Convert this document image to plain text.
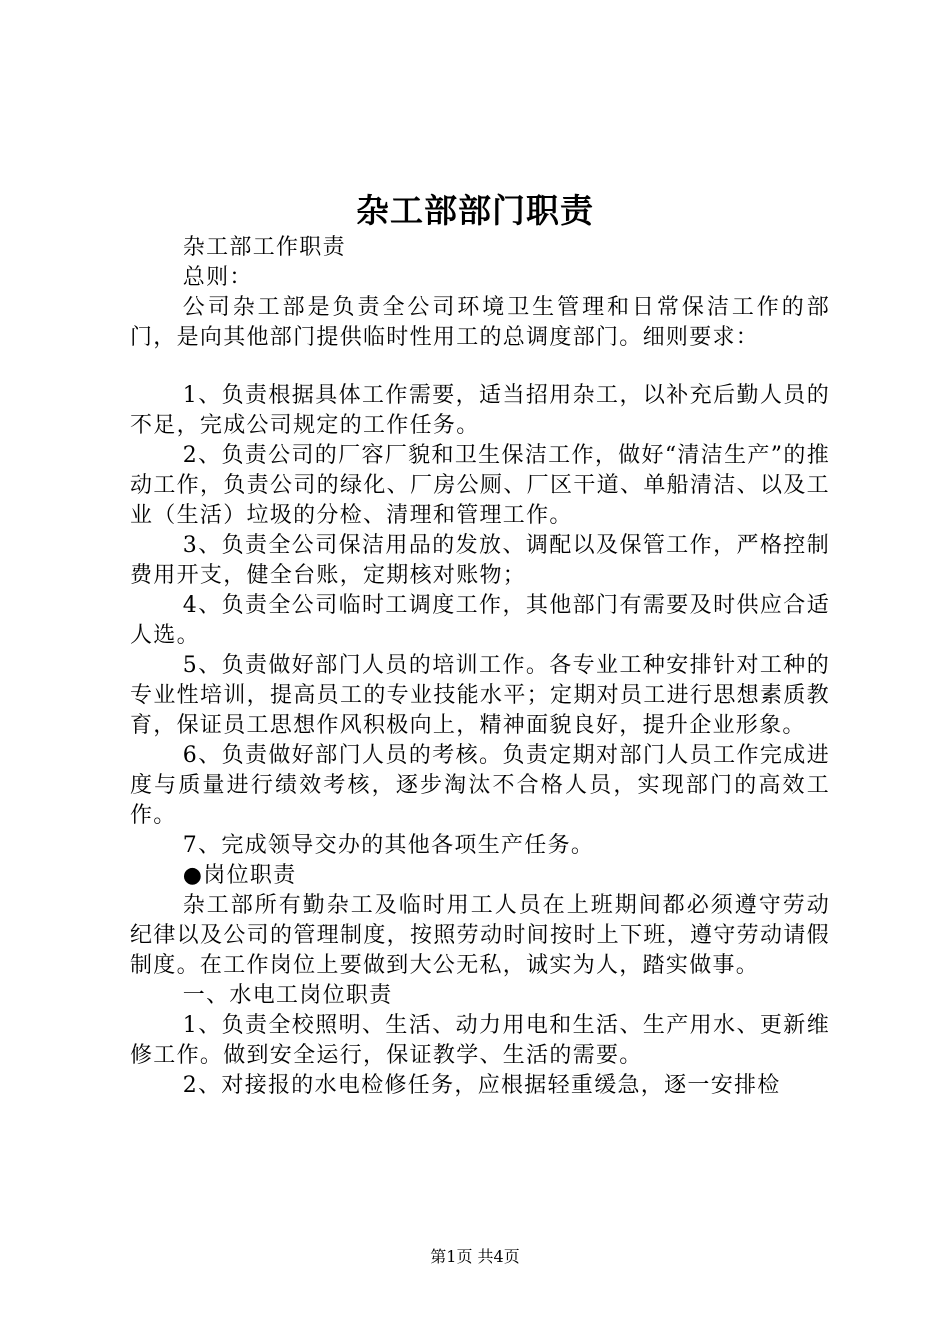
杂工部部门职责

杂工部工作职责

总则：

公司杂工部是负责全公司环境卫生管理和日常保洁工作的部门，是向其他部门提供临时性用工的总调度部门。细则要求：

1、负责根据具体工作需要，适当招用杂工，以补充后勤人员的不足，完成公司规定的工作任务。

2、负责公司的厂容厂貌和卫生保洁工作，做好“清洁生产”的推动工作，负责公司的绿化、厂房公厕、厂区干道、单船清洁、以及工业（生活）垃圾的分检、清理和管理工作。

3、负责全公司保洁用品的发放、调配以及保管工作，严格控制费用开支，健全台账，定期核对账物；

4、负责全公司临时工调度工作，其他部门有需要及时供应合适人选。

5、负责做好部门人员的培训工作。各专业工种安排针对工种的专业性培训，提高员工的专业技能水平；定期对员工进行思想素质教育，保证员工思想作风积极向上，精神面貌良好，提升企业形象。

6、负责做好部门人员的考核。负责定期对部门人员工作完成进度与质量进行绩效考核，逐步淘汰不合格人员，实现部门的高效工作。

7、完成领导交办的其他各项生产任务。

●岗位职责

杂工部所有勤杂工及临时用工人员在上班期间都必须遵守劳动纪律以及公司的管理制度，按照劳动时间按时上下班，遵守劳动请假制度。在工作岗位上要做到大公无私，诚实为人，踏实做事。

一、水电工岗位职责

1、负责全校照明、生活、动力用电和生活、生产用水、更新维修工作。做到安全运行，保证教学、生活的需要。

2、对接报的水电检修任务，应根据轻重缓急，逐一安排检

第1页 共4页
